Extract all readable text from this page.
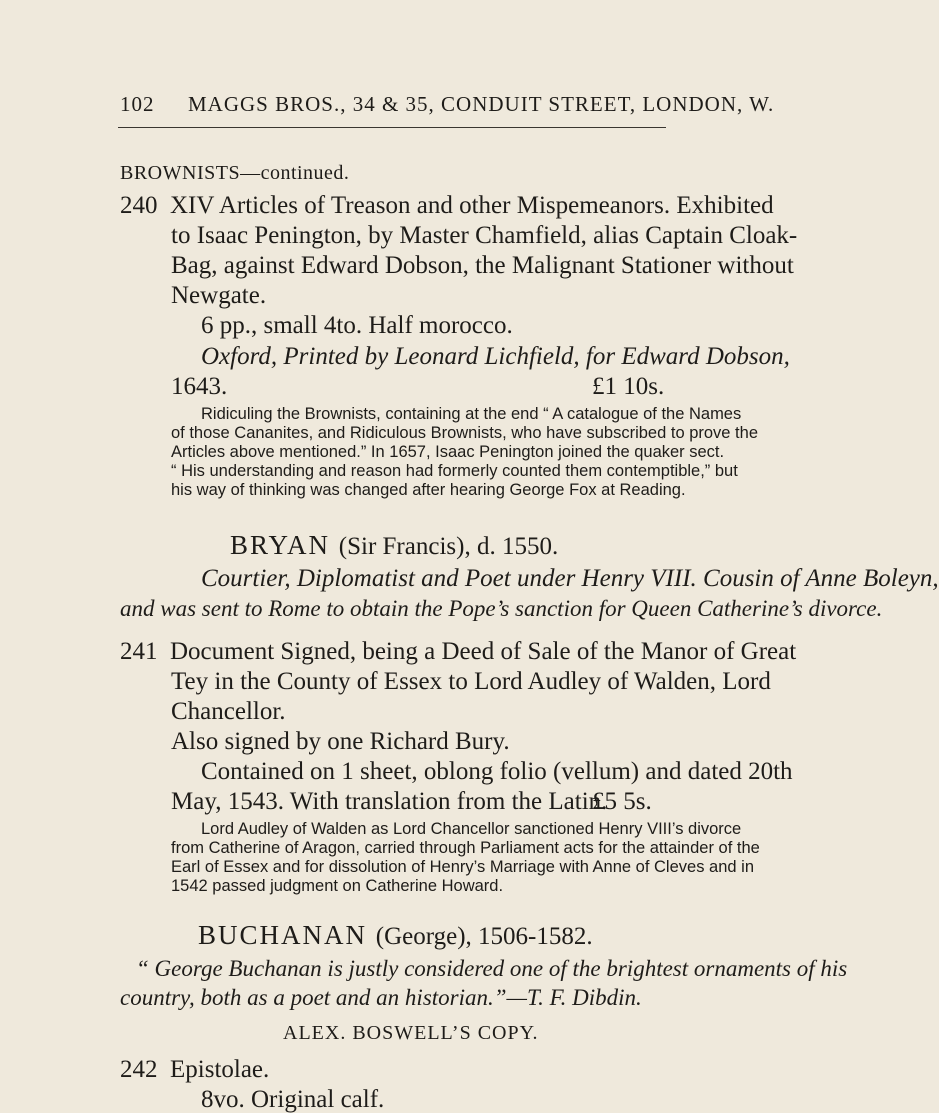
102 MAGGS BROS., 34 & 35, CONDUIT STREET, LONDON, W.
BROWNISTS—continued.
240 XIV Articles of Treason and other Mispemeanors. Exhibited
to Isaac Penington, by Master Chamfield, alias Captain Cloak-
Bag, against Edward Dobson, the Malignant Stationer without
Newgate.
6 pp., small 4to. Half morocco.
Oxford, Printed by Leonard Lichfield, for Edward Dobson,
1643.	£1 10s.
Ridiculing the Brownists, containing at the end “ A catalogue of the Names
of those Cananites, and Ridiculous Brownists, who have subscribed to prove the
Articles above mentioned.” In 1657, Isaac Penington joined the quaker sect.
“ His understanding and reason had formerly counted them contemptible,” but
his way of thinking was changed after hearing George Fox at Reading.
BRYAN (Sir Francis), d. 1550.
Courtier, Diplomatist and Poet under Henry VIII. Cousin of Anne Boleyn,
and was sent to Rome to obtain the Pope’s sanction for Queen Catherine’s divorce.
241 Document Signed, being a Deed of Sale of the Manor of Great
Tey in the County of Essex to Lord Audley of Walden, Lord
Chancellor.
Also signed by one Richard Bury.
Contained on 1 sheet, oblong folio (vellum) and dated 20th
May, 1543. With translation from the Latin.
£5 5s.
Lord Audley of Walden as Lord Chancellor sanctioned Henry VIII’s divorce
from Catherine of Aragon, carried through Parliament acts for the attainder of the
Earl of Essex and for dissolution of Henry’s Marriage with Anne of Cleves and in
1542 passed judgment on Catherine Howard.
BUCHANAN (George), 1506-1582.
“ George Buchanan is justly considered one of the brightest ornaments of his
country, both as a poet and an historian.”—T. F. Dibdin.
ALEX. BOSWELL’S COPY.
242 Epistolae.
8vo. Original calf.
